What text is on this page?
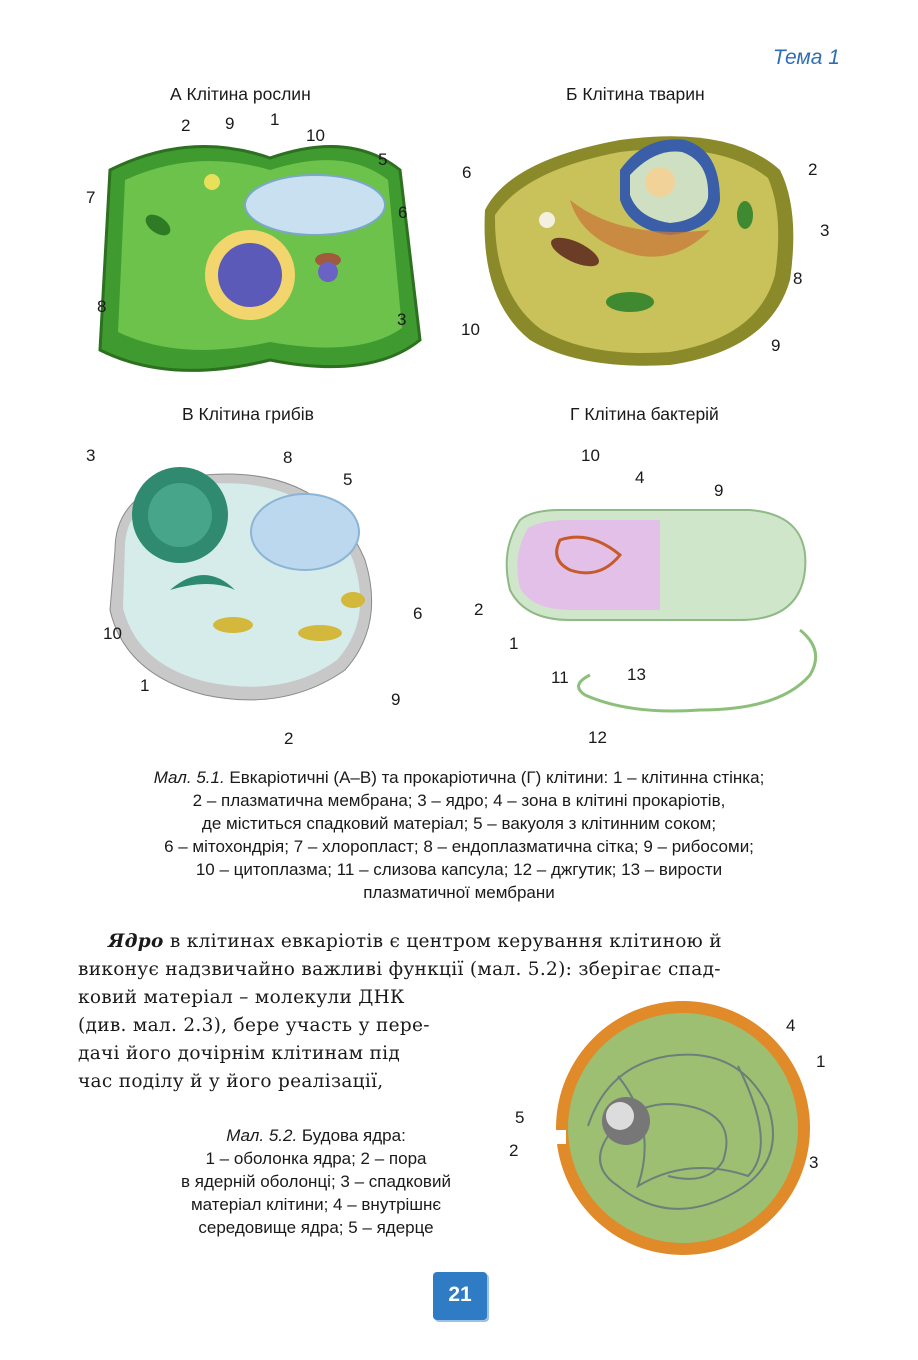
Тема 1
А Клітина рослин	Б Клітина тварин
В Клітина грибів	Г Клітина бактерій
2 9 1
10
5
7
6
8
3
6	2
3
8
10
9
3	8
5
10
6
1
9
2
10
4
9
2
1
11	13
12
Мал. 5.1. Евкаріотичні (А–В) та прокаріотична (Г) клітини: 1 – клітинна стінка;
2 – плазматична мембрана; 3 – ядро; 4 – зона в клітині прокаріотів,
де міститься спадковий матеріал; 5 – вакуоля з клітинним соком;
6 – мітохондрія; 7 – хлоропласт; 8 – ендоплазматична сітка; 9 – рибосоми;
10 – цитоплазма; 11 – слизова капсула; 12 – джгутик; 13 – вирости
плазматичної мембрани
Ядро в клітинах евкаріотів є центром керування клітиною й
виконує надзвичайно важливі функції (мал. 5.2): зберігає спад-
ковий матеріал – молекули ДНК
(див. мал. 2.3), бере участь у пере-
дачі його дочірнім клітинам під
час поділу й у його реалізації,
4
1
5
2
3
Мал. 5.2. Будова ядра:
1 – оболонка ядра; 2 – пора
в ядерній оболонці; 3 – спадковий
матеріал клітини; 4 – внутрішнє
середовище ядра; 5 – ядерце
21
